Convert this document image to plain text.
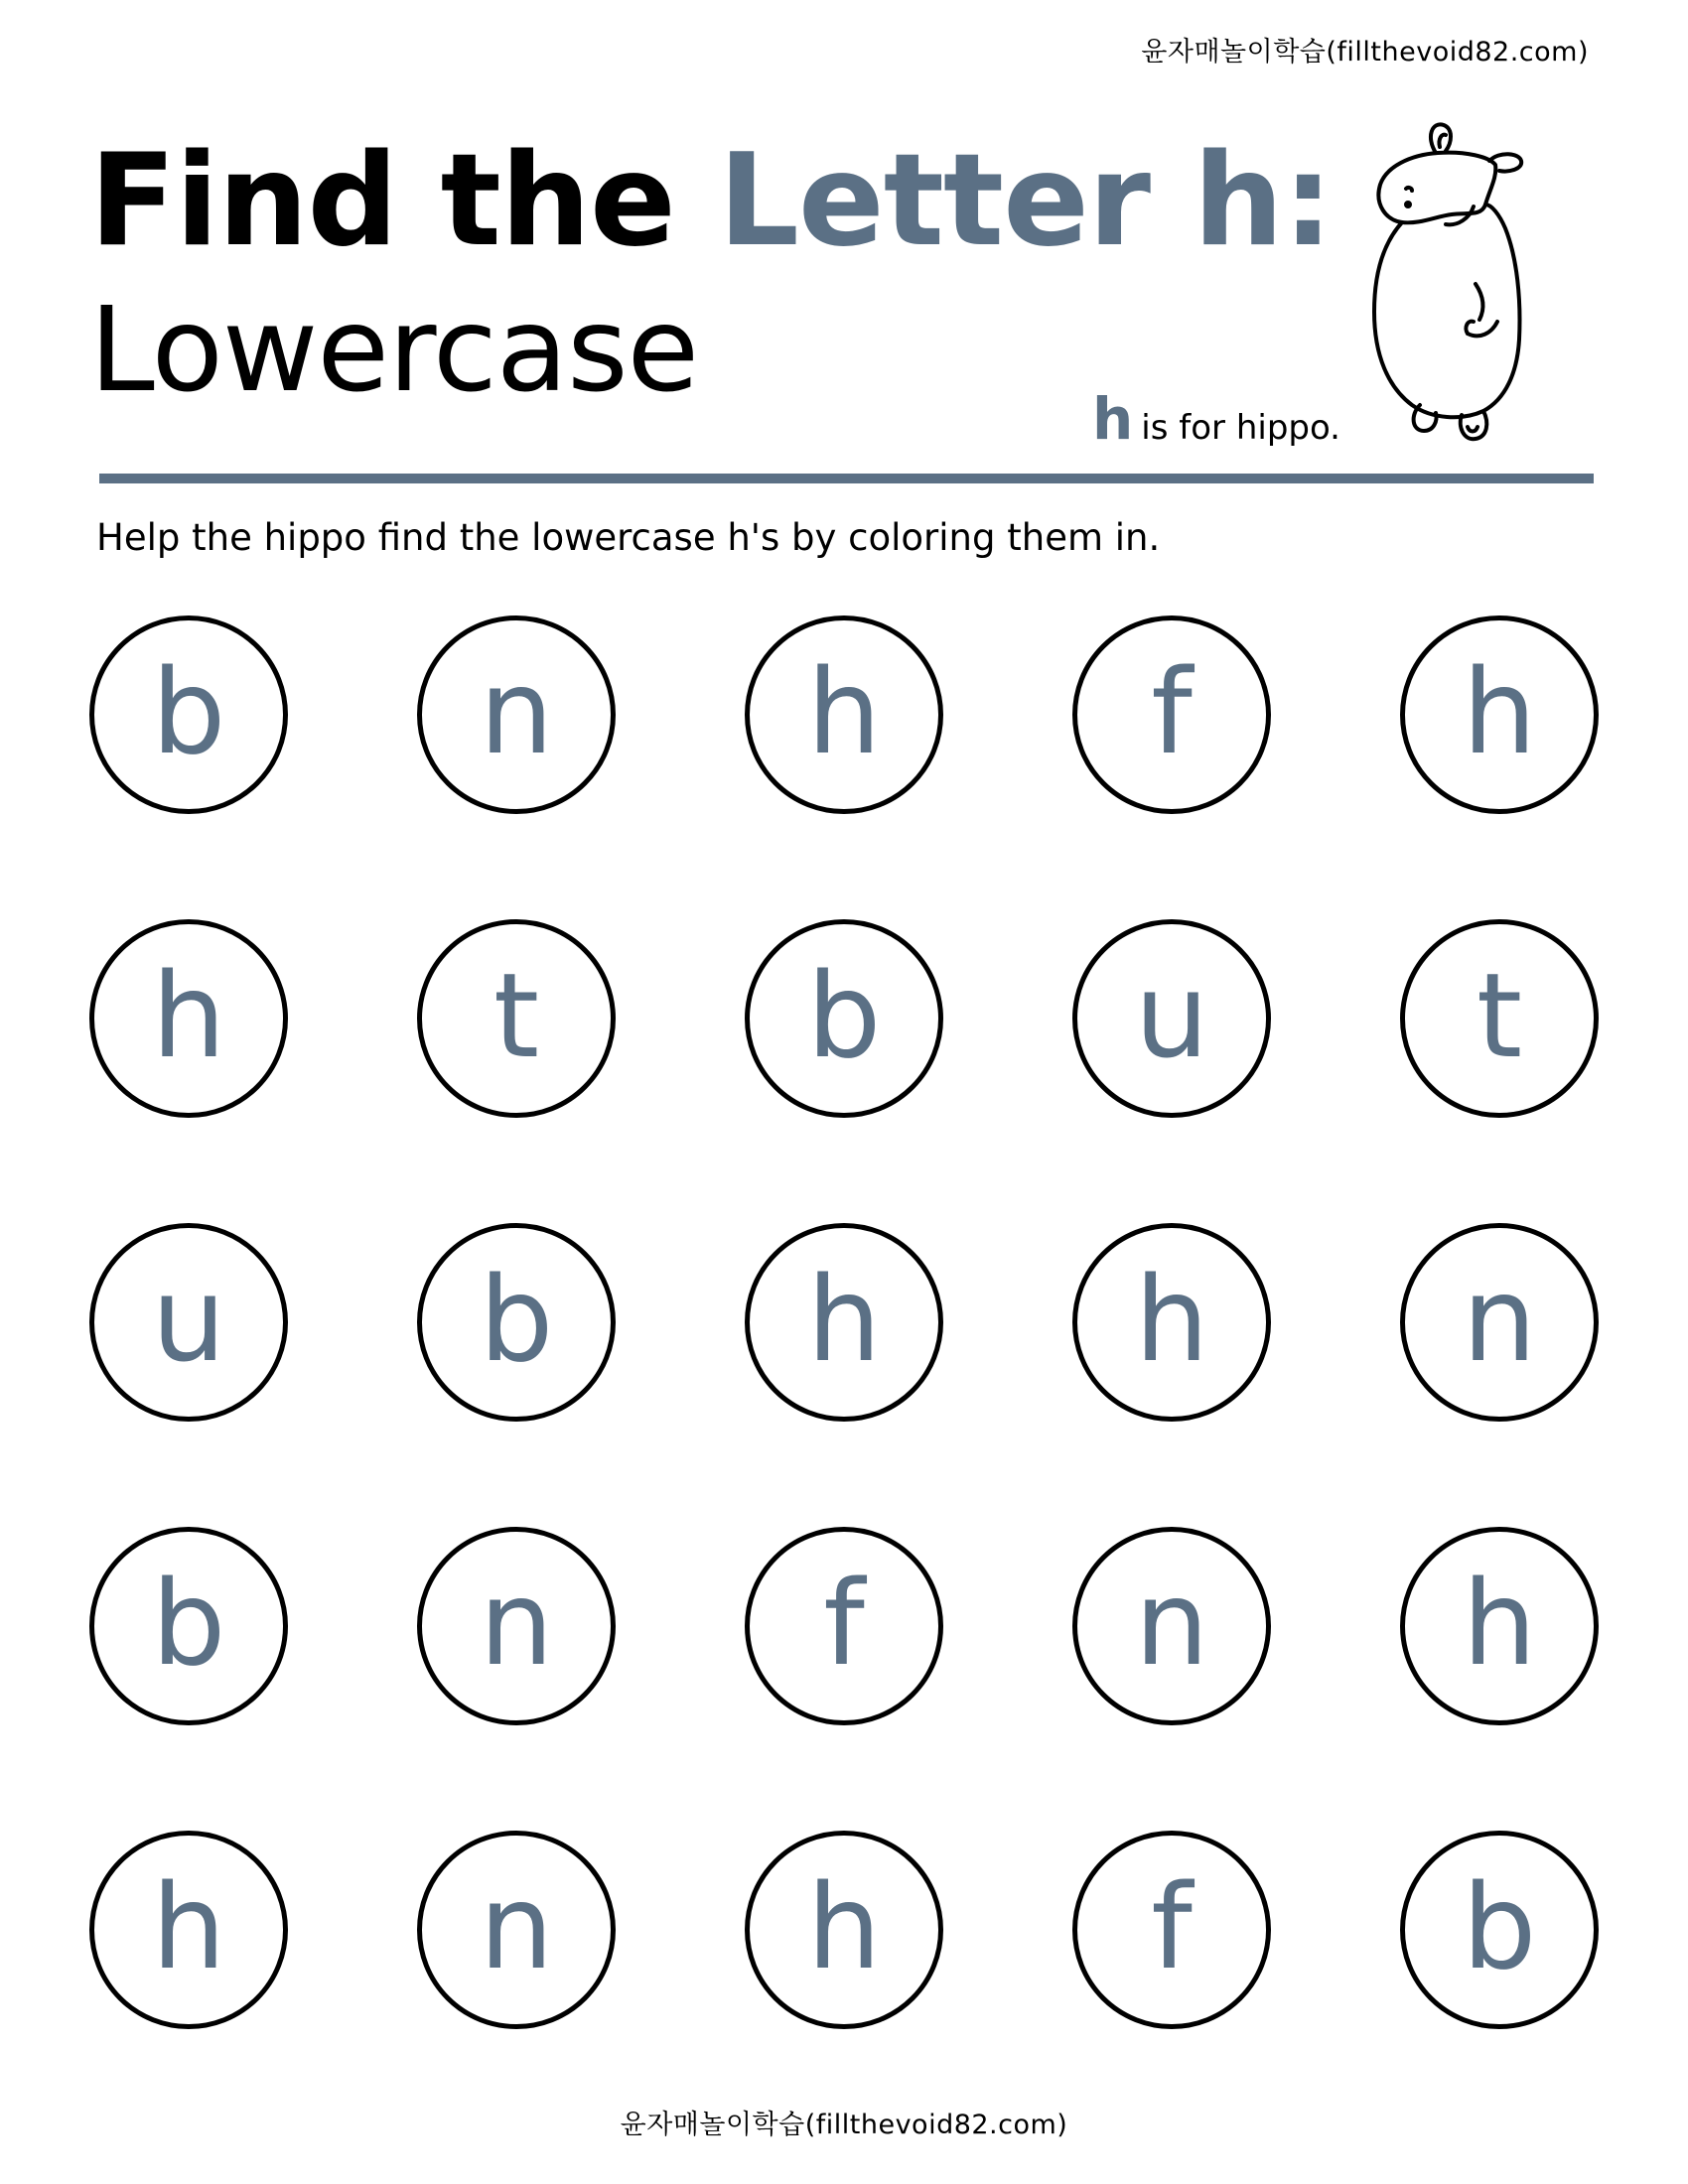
윤자매놀이학습(fillthevoid82.com)
Find the Letter h:
Lowercase
his for hippo.
Help the hippo find the lowercase h's by coloring them in.
b n h f h
h t b u t
u b h h n
b n f n h
h n h f b
윤자매놀이학습(fillthevoid82.com)
